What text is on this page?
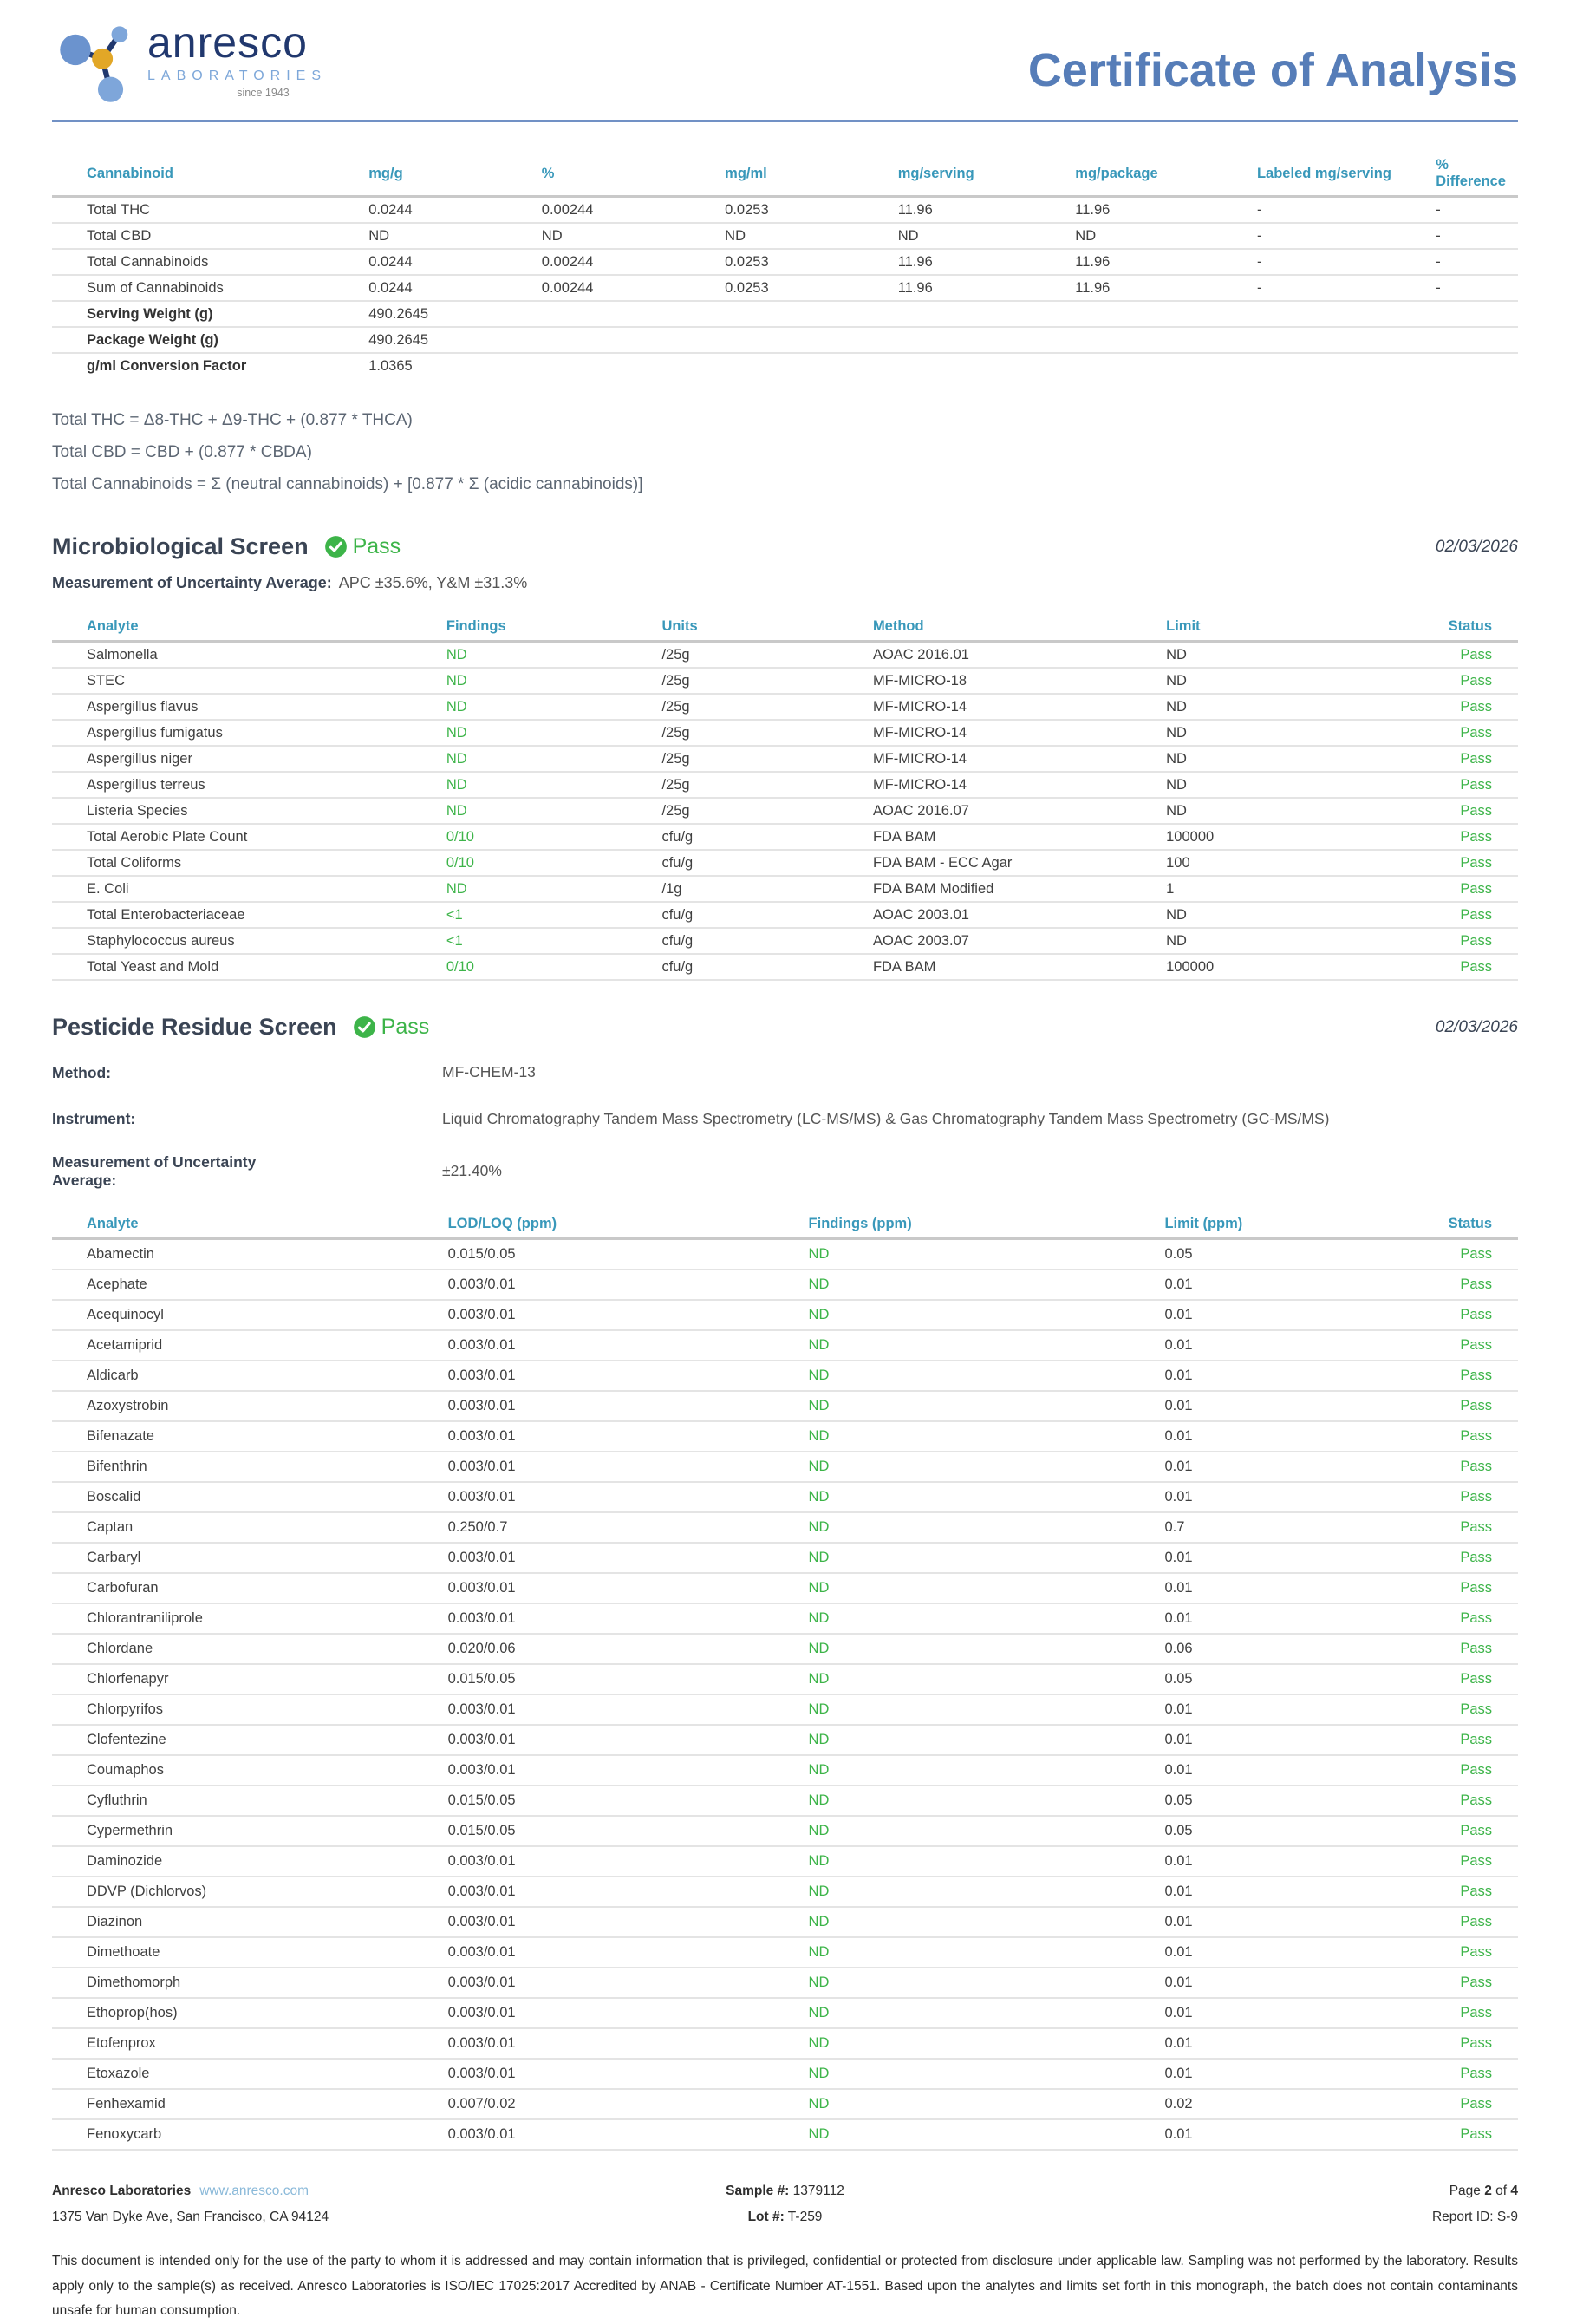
anresco
LABORATORIES
since 1943	Certificate of Analysis
Cannabinoid	mg/g	%	mg/ml	mg/serving	mg/package	Labeled mg/serving	% Difference
Total THC	0.0244	0.00244	0.0253	11.96	11.96	-	-
Total CBD	ND	ND	ND	ND	ND	-	-
Total Cannabinoids	0.0244	0.00244	0.0253	11.96	11.96	-	-
Sum of Cannabinoids	0.0244	0.00244	0.0253	11.96	11.96	-	-
Serving Weight (g)	490.2645						
Package Weight (g)	490.2645						
g/ml Conversion Factor	1.0365						
Total THC = Δ8-THC + Δ9-THC + (0.877 * THCA)
Total CBD = CBD + (0.877 * CBDA)
Total Cannabinoids = Σ (neutral cannabinoids) + [0.877 * Σ (acidic cannabinoids)]
Microbiological Screen Pass	02/03/2026
Measurement of Uncertainty Average: APC ±35.6%, Y&M ±31.3%
Analyte	Findings	Units	Method	Limit	Status
Salmonella	ND	/25g	AOAC 2016.01	ND	Pass
STEC	ND	/25g	MF-MICRO-18	ND	Pass
Aspergillus flavus	ND	/25g	MF-MICRO-14	ND	Pass
Aspergillus fumigatus	ND	/25g	MF-MICRO-14	ND	Pass
Aspergillus niger	ND	/25g	MF-MICRO-14	ND	Pass
Aspergillus terreus	ND	/25g	MF-MICRO-14	ND	Pass
Listeria Species	ND	/25g	AOAC 2016.07	ND	Pass
Total Aerobic Plate Count	0/10	cfu/g	FDA BAM	100000	Pass
Total Coliforms	0/10	cfu/g	FDA BAM - ECC Agar	100	Pass
E. Coli	ND	/1g	FDA BAM Modified	1	Pass
Total Enterobacteriaceae	<1	cfu/g	AOAC 2003.01	ND	Pass
Staphylococcus aureus	<1	cfu/g	AOAC 2003.07	ND	Pass
Total Yeast and Mold	0/10	cfu/g	FDA BAM	100000	Pass
Pesticide Residue Screen Pass	02/03/2026
Method:	MF-CHEM-13
Instrument:	Liquid Chromatography Tandem Mass Spectrometry (LC-MS/MS) & Gas Chromatography Tandem Mass Spectrometry (GC-MS/MS)
Measurement of Uncertainty Average:
±21.40%
Analyte	LOD/LOQ (ppm)	Findings (ppm)	Limit (ppm)	Status
Abamectin	0.015/0.05	ND	0.05	Pass
Acephate	0.003/0.01	ND	0.01	Pass
Acequinocyl	0.003/0.01	ND	0.01	Pass
Acetamiprid	0.003/0.01	ND	0.01	Pass
Aldicarb	0.003/0.01	ND	0.01	Pass
Azoxystrobin	0.003/0.01	ND	0.01	Pass
Bifenazate	0.003/0.01	ND	0.01	Pass
Bifenthrin	0.003/0.01	ND	0.01	Pass
Boscalid	0.003/0.01	ND	0.01	Pass
Captan	0.250/0.7	ND	0.7	Pass
Carbaryl	0.003/0.01	ND	0.01	Pass
Carbofuran	0.003/0.01	ND	0.01	Pass
Chlorantraniliprole	0.003/0.01	ND	0.01	Pass
Chlordane	0.020/0.06	ND	0.06	Pass
Chlorfenapyr	0.015/0.05	ND	0.05	Pass
Chlorpyrifos	0.003/0.01	ND	0.01	Pass
Clofentezine	0.003/0.01	ND	0.01	Pass
Coumaphos	0.003/0.01	ND	0.01	Pass
Cyfluthrin	0.015/0.05	ND	0.05	Pass
Cypermethrin	0.015/0.05	ND	0.05	Pass
Daminozide	0.003/0.01	ND	0.01	Pass
DDVP (Dichlorvos)	0.003/0.01	ND	0.01	Pass
Diazinon	0.003/0.01	ND	0.01	Pass
Dimethoate	0.003/0.01	ND	0.01	Pass
Dimethomorph	0.003/0.01	ND	0.01	Pass
Ethoprop(hos)	0.003/0.01	ND	0.01	Pass
Etofenprox	0.003/0.01	ND	0.01	Pass
Etoxazole	0.003/0.01	ND	0.01	Pass
Fenhexamid	0.007/0.02	ND	0.02	Pass
Fenoxycarb	0.003/0.01	ND	0.01	Pass
Anresco Laboratories www.anresco.com
1375 Van Dyke Ave, San Francisco, CA 94124
Sample #: 1379112
Lot #: T-259
Page 2 of 4
Report ID: S-9
This document is intended only for the use of the party to whom it is addressed and may contain information that is privileged, confidential or protected from disclosure under applicable law. Sampling was not performed by the laboratory. Results apply only to the sample(s) as received. Anresco Laboratories is ISO/IEC 17025:2017 Accredited by ANAB - Certificate Number AT-1551. Based upon the analytes and limits set forth in this monograph, the batch does not contain contaminants unsafe for human consumption.
